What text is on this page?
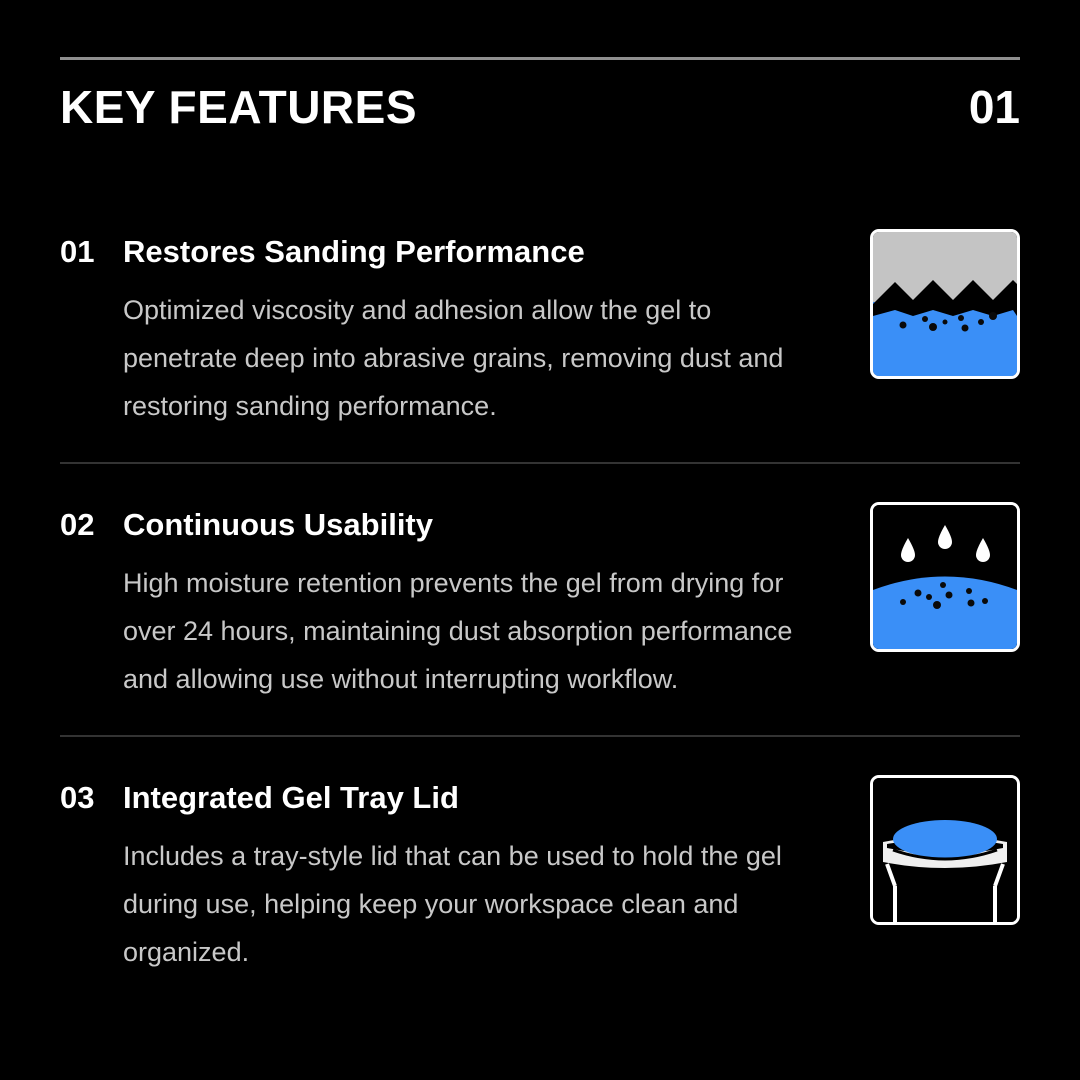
KEY FEATURES	01
01 Restores Sanding Performance

Optimized viscosity and adhesion allow the gel to penetrate deep into abrasive grains, removing dust and restoring sanding performance.

02 Continuous Usability

High moisture retention prevents the gel from drying for over 24 hours, maintaining dust absorption performance and allowing use without interrupting workflow.

03 Integrated Gel Tray Lid

Includes a tray-style lid that can be used to hold the gel during use, helping keep your workspace clean and organized.
